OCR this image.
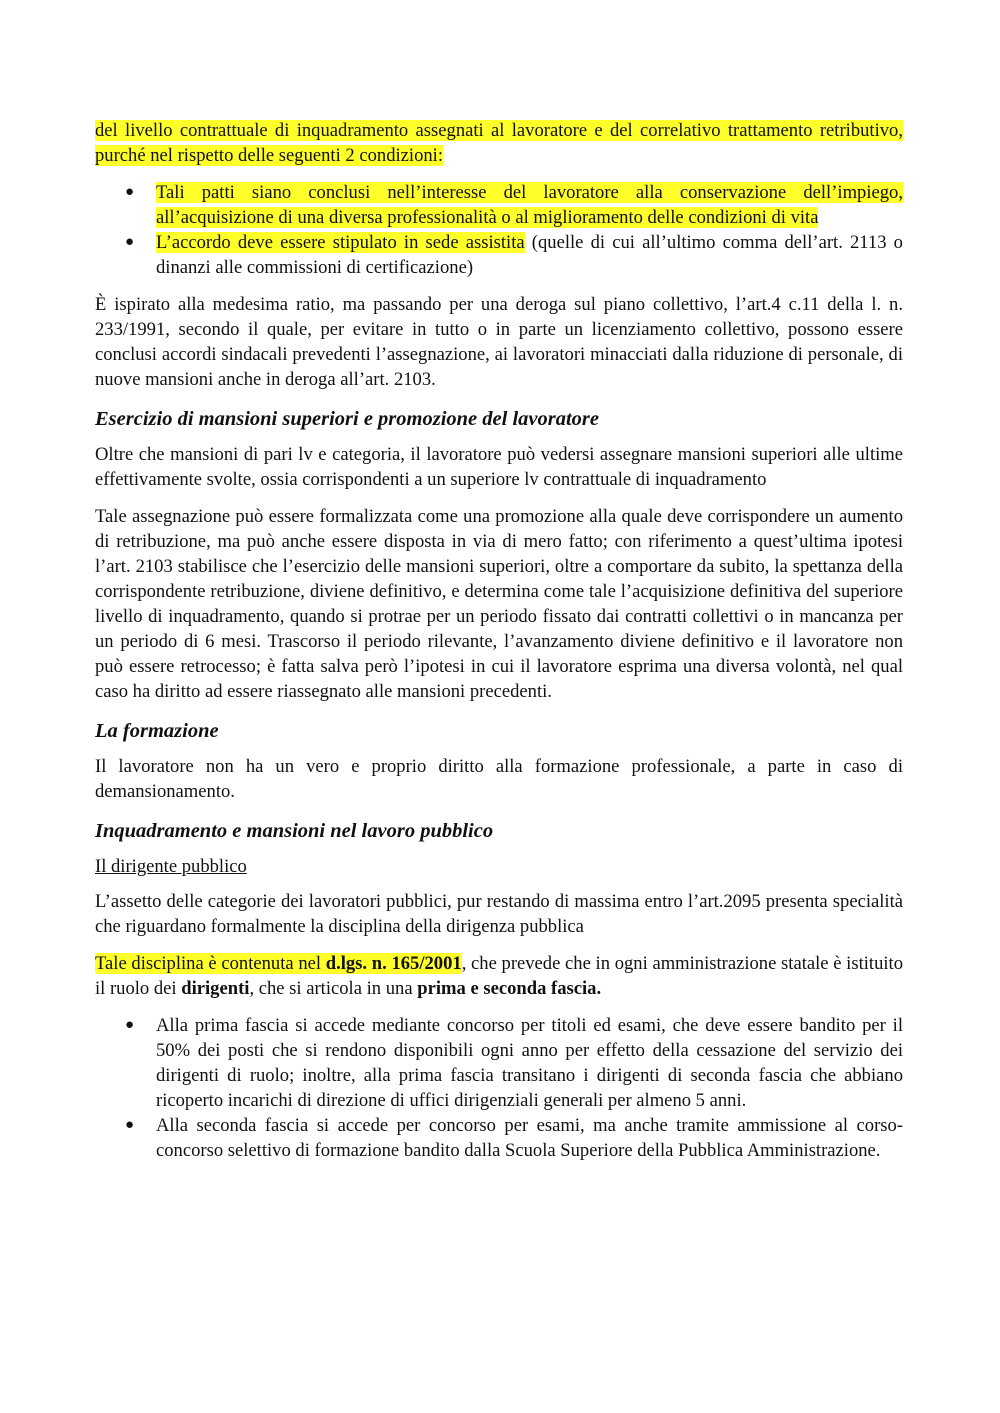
del livello contrattuale di inquadramento assegnati al lavoratore e del correlativo trattamento retributivo, purché nel rispetto delle seguenti 2 condizioni:

● Tali patti siano conclusi nell’interesse del lavoratore alla conservazione dell’impiego, all’acquisizione di una diversa professionalità o al miglioramento delle condizioni di vita
● L’accordo deve essere stipulato in sede assistita (quelle di cui all’ultimo comma dell’art. 2113 o dinanzi alle commissioni di certificazione)

È ispirato alla medesima ratio, ma passando per una deroga sul piano collettivo, l’art.4 c.11 della l. n. 233/1991, secondo il quale, per evitare in tutto o in parte un licenziamento collettivo, possono essere conclusi accordi sindacali prevedenti l’assegnazione, ai lavoratori minacciati dalla riduzione di personale, di nuove mansioni anche in deroga all’art. 2103.

Esercizio di mansioni superiori e promozione del lavoratore

Oltre che mansioni di pari lv e categoria, il lavoratore può vedersi assegnare mansioni superiori alle ultime effettivamente svolte, ossia corrispondenti a un superiore lv contrattuale di inquadramento

Tale assegnazione può essere formalizzata come una promozione alla quale deve corrispondere un aumento di retribuzione, ma può anche essere disposta in via di mero fatto; con riferimento a quest’ultima ipotesi l’art. 2103 stabilisce che l’esercizio delle mansioni superiori, oltre a comportare da subito, la spettanza della corrispondente retribuzione, diviene definitivo, e determina come tale l’acquisizione definitiva del superiore livello di inquadramento, quando si protrae per un periodo fissato dai contratti collettivi o in mancanza per un periodo di 6 mesi. Trascorso il periodo rilevante, l’avanzamento diviene definitivo e il lavoratore non può essere retrocesso; è fatta salva però l’ipotesi in cui il lavoratore esprima una diversa volontà, nel qual caso ha diritto ad essere riassegnato alle mansioni precedenti.

La formazione

Il lavoratore non ha un vero e proprio diritto alla formazione professionale, a parte in caso di demansionamento.

Inquadramento e mansioni nel lavoro pubblico

Il dirigente pubblico

L’assetto delle categorie dei lavoratori pubblici, pur restando di massima entro l’art.2095 presenta specialità che riguardano formalmente la disciplina della dirigenza pubblica

Tale disciplina è contenuta nel d.lgs. n. 165/2001, che prevede che in ogni amministrazione statale è istituito il ruolo dei dirigenti, che si articola in una prima e seconda fascia.

● Alla prima fascia si accede mediante concorso per titoli ed esami, che deve essere bandito per il 50% dei posti che si rendono disponibili ogni anno per effetto della cessazione del servizio dei dirigenti di ruolo; inoltre, alla prima fascia transitano i dirigenti di seconda fascia che abbiano ricoperto incarichi di direzione di uffici dirigenziali generali per almeno 5 anni.
● Alla seconda fascia si accede per concorso per esami, ma anche tramite ammissione al corso-concorso selettivo di formazione bandito dalla Scuola Superiore della Pubblica Amministrazione.
